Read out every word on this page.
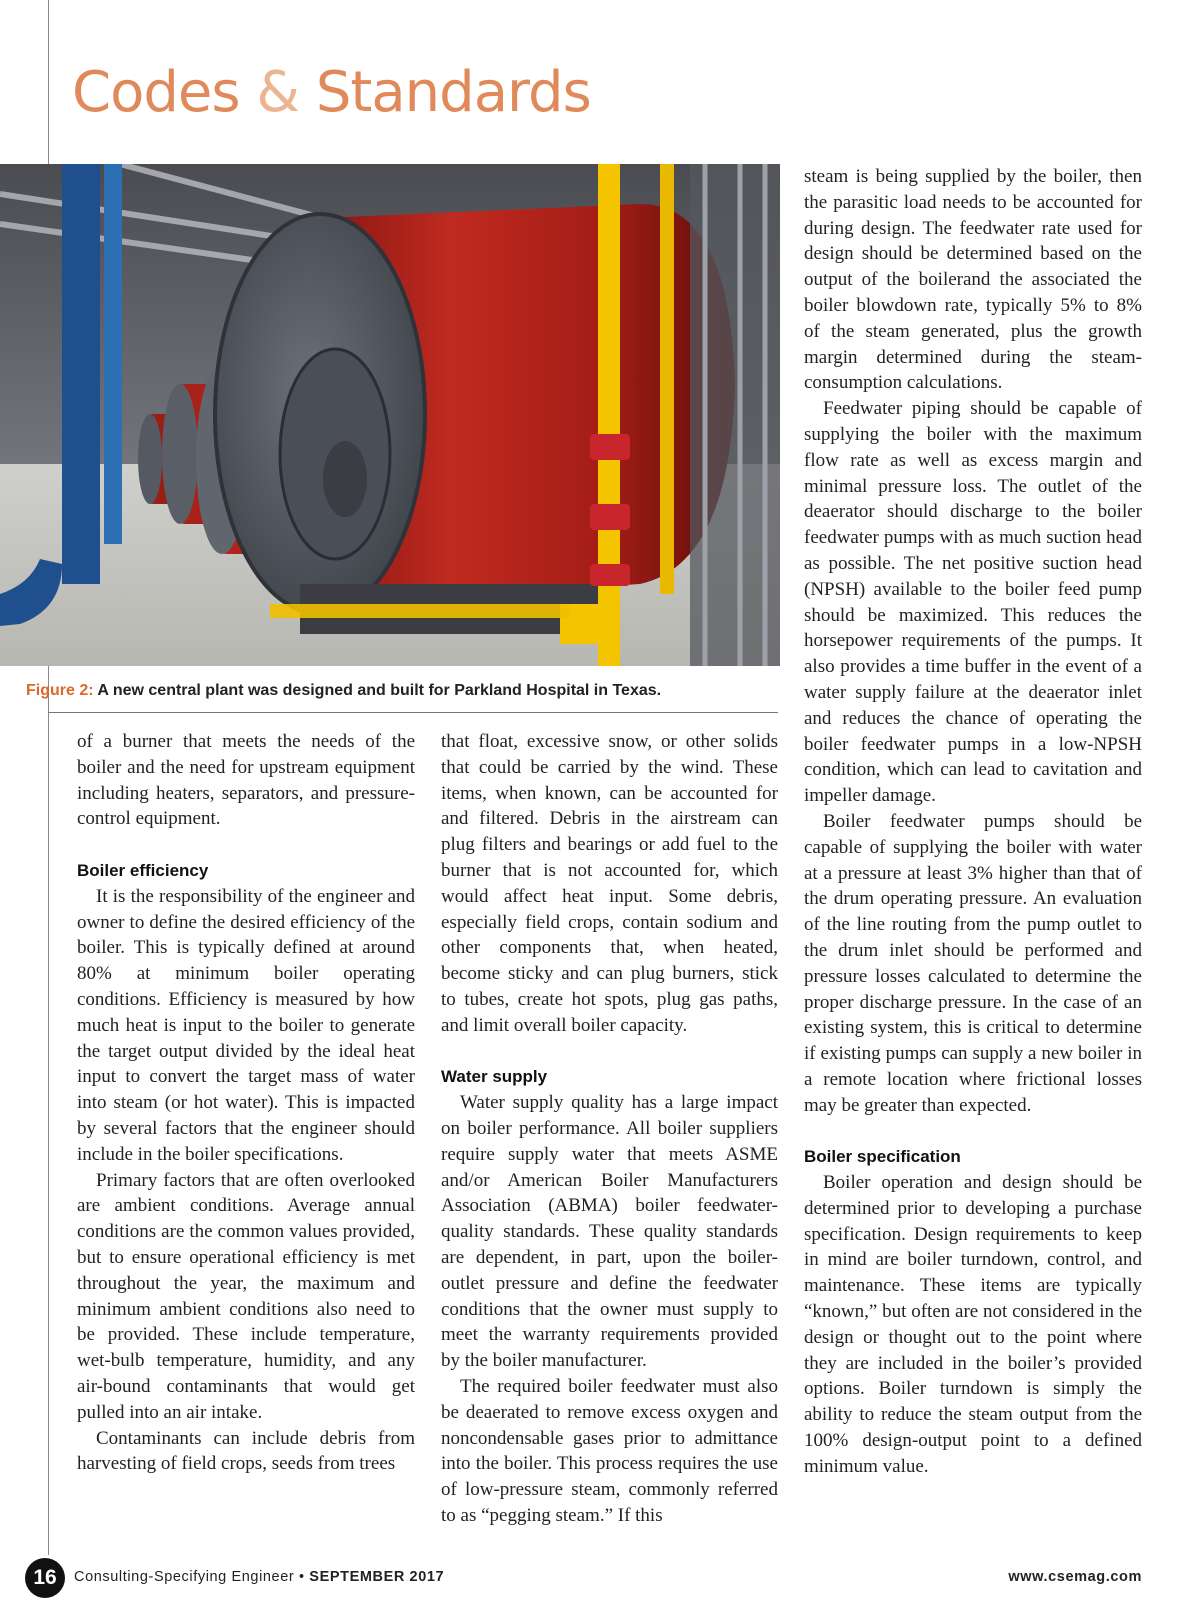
Codes & Standards

Figure 2: A new central plant was designed and built for Parkland Hospital in Texas.

of a burner that meets the needs of the boiler and the need for upstream equipment including heaters, separators, and pressure-control equipment.

Boiler efficiency

It is the responsibility of the engineer and owner to define the desired efficiency of the boiler. This is typically defined at around 80% at minimum boiler operating conditions. Efficiency is measured by how much heat is input to the boiler to generate the target output divided by the ideal heat input to convert the target mass of water into steam (or hot water). This is impacted by several factors that the engineer should include in the boiler specifications.

Primary factors that are often overlooked are ambient conditions. Average annual conditions are the common values provided, but to ensure operational efficiency is met throughout the year, the maximum and minimum ambient conditions also need to be provided. These include temperature, wet-bulb temperature, humidity, and any air-bound contaminants that would get pulled into an air intake.

Contaminants can include debris from harvesting of field crops, seeds from trees

that float, excessive snow, or other solids that could be carried by the wind. These items, when known, can be accounted for and filtered. Debris in the airstream can plug filters and bearings or add fuel to the burner that is not accounted for, which would affect heat input. Some debris, especially field crops, contain sodium and other components that, when heated, become sticky and can plug burners, stick to tubes, create hot spots, plug gas paths, and limit overall boiler capacity.

Water supply

Water supply quality has a large impact on boiler performance. All boiler suppliers require supply water that meets ASME and/or American Boiler Manufacturers Association (ABMA) boiler feedwater-quality standards. These quality standards are dependent, in part, upon the boiler-outlet pressure and define the feedwater conditions that the owner must supply to meet the warranty requirements provided by the boiler manufacturer.

The required boiler feedwater must also be deaerated to remove excess oxygen and noncondensable gases prior to admittance into the boiler. This process requires the use of low-pressure steam, commonly referred to as “pegging steam.” If this

steam is being supplied by the boiler, then the parasitic load needs to be accounted for during design. The feedwater rate used for design should be determined based on the output of the boilerand the associated the boiler blowdown rate, typically 5% to 8% of the steam generated, plus the growth margin determined during the steam-consumption calculations.

Feedwater piping should be capable of supplying the boiler with the maximum flow rate as well as excess margin and minimal pressure loss. The outlet of the deaerator should discharge to the boiler feedwater pumps with as much suction head as possible. The net positive suction head (NPSH) available to the boiler feed pump should be maximized. This reduces the horsepower requirements of the pumps. It also provides a time buffer in the event of a water supply failure at the deaerator inlet and reduces the chance of operating the boiler feedwater pumps in a low-NPSH condition, which can lead to cavitation and impeller damage.

Boiler feedwater pumps should be capable of supplying the boiler with water at a pressure at least 3% higher than that of the drum operating pressure. An evaluation of the line routing from the pump outlet to the drum inlet should be performed and pressure losses calculated to determine the proper discharge pressure. In the case of an existing system, this is critical to determine if existing pumps can supply a new boiler in a remote location where frictional losses may be greater than expected.

Boiler specification

Boiler operation and design should be determined prior to developing a purchase specification. Design requirements to keep in mind are boiler turndown, control, and maintenance. These items are typically “known,” but often are not considered in the design or thought out to the point where they are included in the boiler’s provided options. Boiler turndown is simply the ability to reduce the steam output from the 100% design-output point to a defined minimum value.

16	Consulting-Specifying Engineer • SEPTEMBER 2017	www.csemag.com
